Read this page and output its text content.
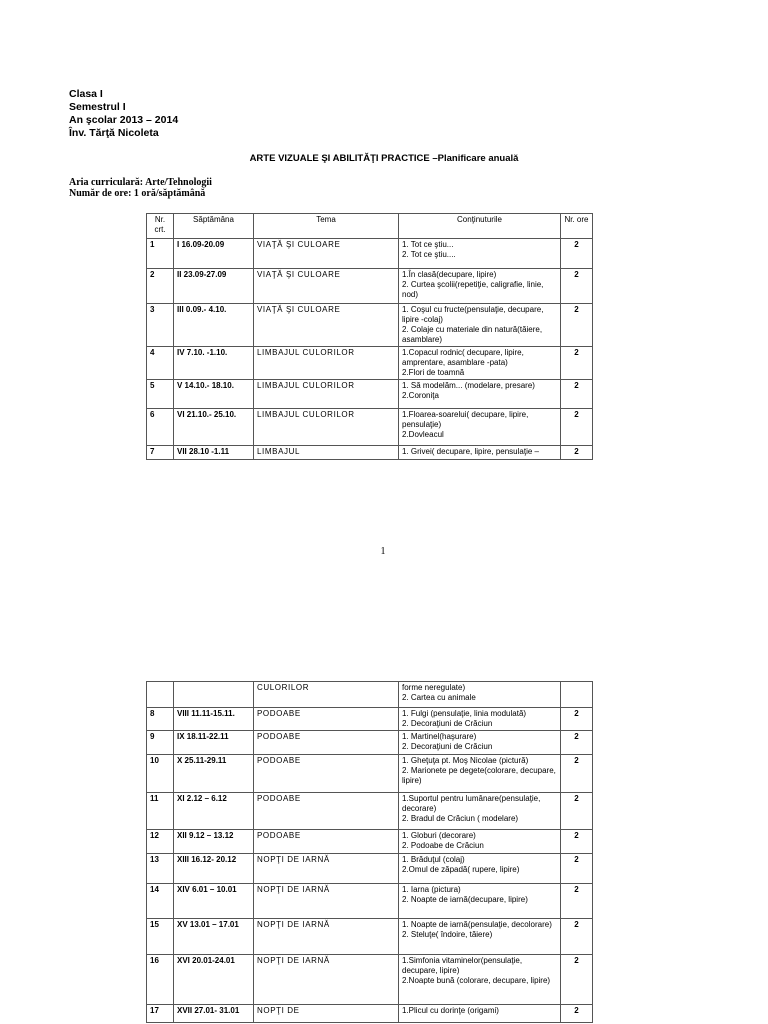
Clasa I
Semestrul I
An şcolar 2013 – 2014
Înv. Tărţă Nicoleta
ARTE VIZUALE ŞI ABILITĂŢI PRACTICE –Planificare anuală
Aria curriculară: Arte/Tehnologii
Număr de ore: 1 oră/săptămână
Nr. crt.	Săptămâna	Tema	Conţinuturile	Nr. ore
1	I 16.09-20.09	VIAŢĂ ŞI CULOARE	1. Tot ce ştiu...
2. Tot ce ştiu....	2
2	II 23.09-27.09	VIAŢĂ ŞI CULOARE	1.În clasă(decupare, lipire)
2. Curtea şcolii(repetiţie, caligrafie, linie, nod)	2
3	III 0.09.- 4.10.	VIAŢĂ ŞI CULOARE	1. Coşul cu fructe(pensulaţie, decupare, lipire -colaj)
2. Colaje cu materiale din natură(tăiere, asamblare)	2
4	IV 7.10. -1.10.	LIMBAJUL CULORILOR	1.Copacul rodnic( decupare, lipire, amprentare, asamblare -pata)
2.Flori de toamnă	2
5	V 14.10.- 18.10.	LIMBAJUL CULORILOR	1. Să modelăm... (modelare, presare)
2.Coroniţa	2
6	VI 21.10.- 25.10.	LIMBAJUL CULORILOR	1.Floarea-soarelui( decupare, lipire, pensulaţie)
2.Dovleacul	2
7	VII 28.10 -1.11	LIMBAJUL	1. Grivei( decupare, lipire, pensulaţie –	2
1
		CULORILOR	forme neregulate)
2. Cartea cu animale	

8	VIII 11.11-15.11.	PODOABE	1. Fulgi (pensulaţie, linia modulată)
2. Decoraţiuni de Crăciun	2
9	IX 18.11-22.11	PODOABE	1. Martinel(haşurare)
2. Decoraţiuni de Crăciun	2
10	X 25.11-29.11	PODOABE	1. Gheţuţa pt. Moş Nicolae (pictură)
2. Marionete pe degete(colorare, decupare, lipire)	2
11	XI 2.12 – 6.12	PODOABE	1.Suportul pentru lumânare(pensulaţie, decorare)
2. Bradul de Crăciun ( modelare)	2
12	XII 9.12 – 13.12	PODOABE	1. Globuri (decorare)
2. Podoabe de Crăciun	2
13	XIII 16.12- 20.12	NOPŢI DE IARNĂ	1. Brăduţul (colaj)
2.Omul de zăpadă( rupere, lipire)	2
14	XIV 6.01 – 10.01	NOPŢI DE IARNĂ	1. Iarna (pictura)
2. Noapte de iarnă(decupare, lipire)	2
15	XV 13.01 – 17.01	NOPŢI DE IARNĂ	1. Noapte de iarnă(pensulaţie, decolorare)
2. Steluţe( îndoire, tăiere)	2
16	XVI 20.01-24.01	NOPŢI DE IARNĂ	1.Simfonia vitaminelor(pensulaţie, decupare, lipire)
2.Noapte bună (colorare, decupare, lipire)	2
17	XVII 27.01- 31.01	NOPŢI DE	1.Plicul cu dorinţe (origami)	2
